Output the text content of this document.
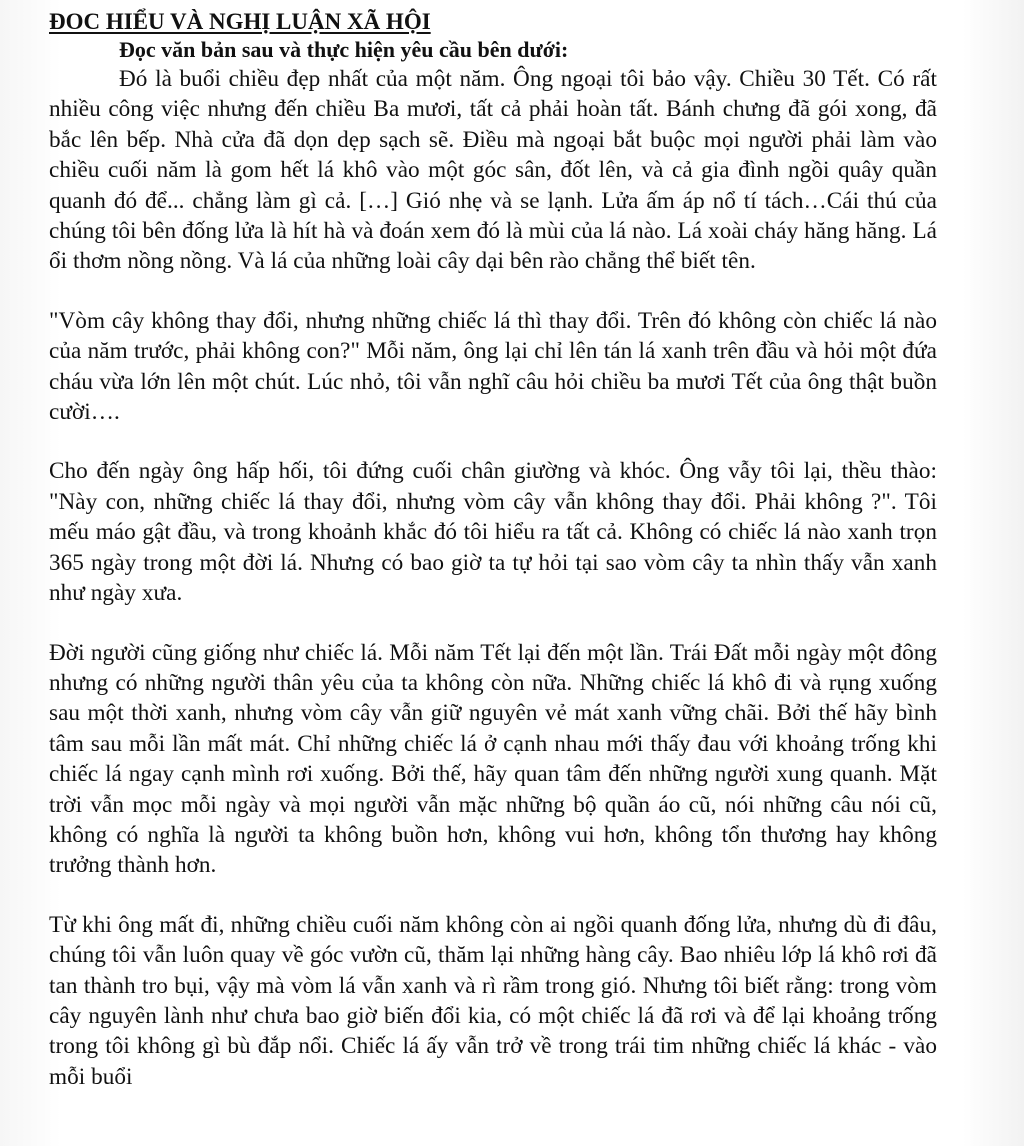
ĐOC HIỂU VÀ NGHỊ LUẬN XÃ HỘI

Đọc văn bản sau và thực hiện yêu cầu bên dưới:

Đó là buổi chiều đẹp nhất của một năm. Ông ngoại tôi bảo vậy. Chiều 30 Tết. Có rất nhiều công việc nhưng đến chiều Ba mươi, tất cả phải hoàn tất. Bánh chưng đã gói xong, đã bắc lên bếp. Nhà cửa đã dọn dẹp sạch sẽ. Điều mà ngoại bắt buộc mọi người phải làm vào chiều cuối năm là gom hết lá khô vào một góc sân, đốt lên, và cả gia đình ngồi quây quần quanh đó để... chẳng làm gì cả. […] Gió nhẹ và se lạnh. Lửa ấm áp nổ tí tách…Cái thú của chúng tôi bên đống lửa là hít hà và đoán xem đó là mùi của lá nào. Lá xoài cháy hăng hăng. Lá ổi thơm nồng nồng. Và lá của những loài cây dại bên rào chẳng thể biết tên.

"Vòm cây không thay đổi, nhưng những chiếc lá thì thay đổi. Trên đó không còn chiếc lá nào của năm trước, phải không con?" Mỗi năm, ông lại chỉ lên tán lá xanh trên đầu và hỏi một đứa cháu vừa lớn lên một chút. Lúc nhỏ, tôi vẫn nghĩ câu hỏi chiều ba mươi Tết của ông thật buồn cười….

Cho đến ngày ông hấp hối, tôi đứng cuối chân giường và khóc. Ông vẫy tôi lại, thều thào: "Này con, những chiếc lá thay đổi, nhưng vòm cây vẫn không thay đổi. Phải không ?". Tôi mếu máo gật đầu, và trong khoảnh khắc đó tôi hiểu ra tất cả. Không có chiếc lá nào xanh trọn 365 ngày trong một đời lá. Nhưng có bao giờ ta tự hỏi tại sao vòm cây ta nhìn thấy vẫn xanh như ngày xưa.

Đời người cũng giống như chiếc lá. Mỗi năm Tết lại đến một lần. Trái Đất mỗi ngày một đông nhưng có những người thân yêu của ta không còn nữa. Những chiếc lá khô đi và rụng xuống sau một thời xanh, nhưng vòm cây vẫn giữ nguyên vẻ mát xanh vững chãi. Bởi thế hãy bình tâm sau mỗi lần mất mát. Chỉ những chiếc lá ở cạnh nhau mới thấy đau với khoảng trống khi chiếc lá ngay cạnh mình rơi xuống. Bởi thế, hãy quan tâm đến những người xung quanh. Mặt trời vẫn mọc mỗi ngày và mọi người vẫn mặc những bộ quần áo cũ, nói những câu nói cũ, không có nghĩa là người ta không buồn hơn, không vui hơn, không tổn thương hay không trưởng thành hơn.

Từ khi ông mất đi, những chiều cuối năm không còn ai ngồi quanh đống lửa, nhưng dù đi đâu, chúng tôi vẫn luôn quay về góc vườn cũ, thăm lại những hàng cây. Bao nhiêu lớp lá khô rơi đã tan thành tro bụi, vậy mà vòm lá vẫn xanh và rì rầm trong gió. Nhưng tôi biết rằng: trong vòm cây nguyên lành như chưa bao giờ biến đổi kia, có một chiếc lá đã rơi và để lại khoảng trống trong tôi không gì bù đắp nổi. Chiếc lá ấy vẫn trở về trong trái tim những chiếc lá khác - vào mỗi buổi
